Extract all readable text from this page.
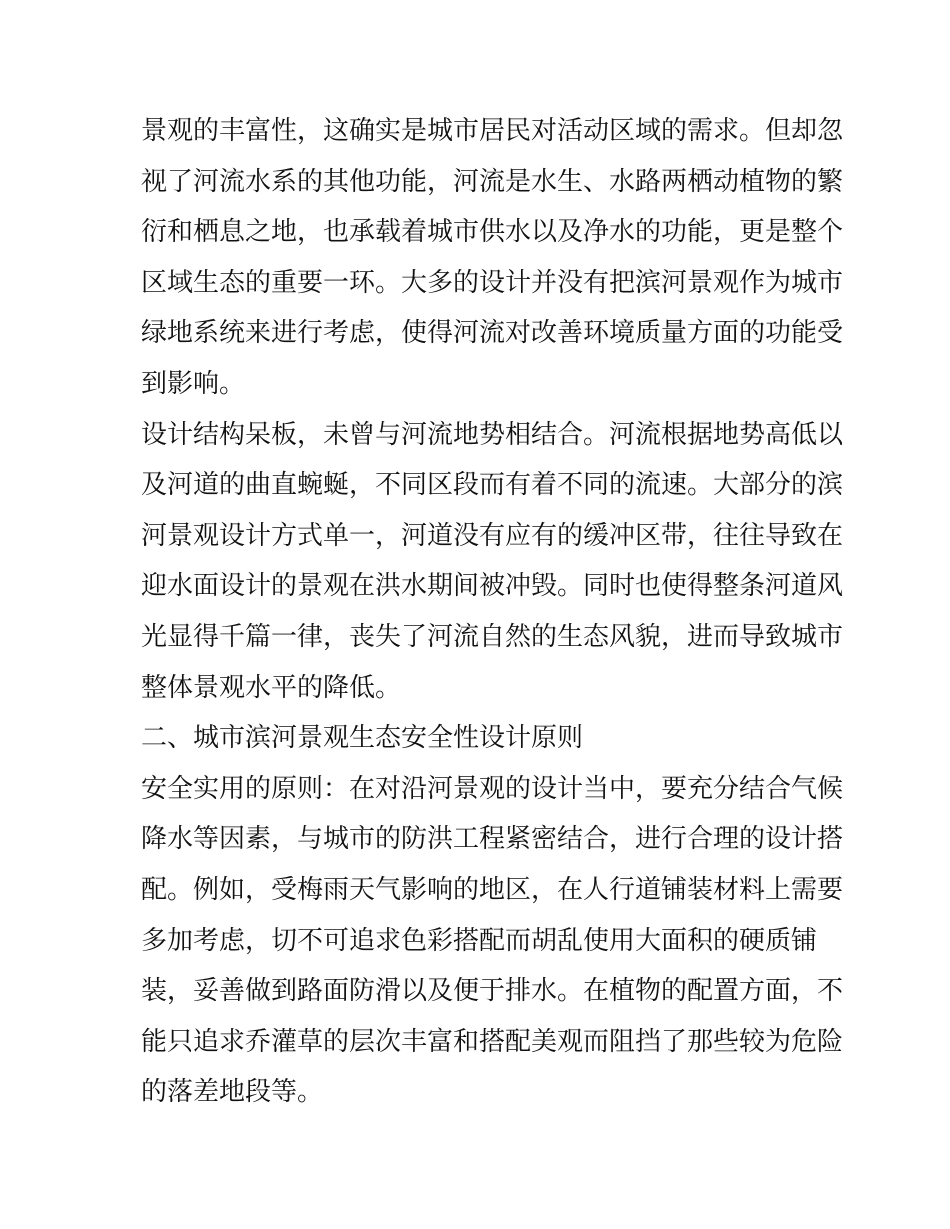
景观的丰富性，这确实是城市居民对活动区域的需求。但却忽
视了河流水系的其他功能，河流是水生、水路两栖动植物的繁
衍和栖息之地，也承载着城市供水以及净水的功能，更是整个
区域生态的重要一环。大多的设计并没有把滨河景观作为城市
绿地系统来进行考虑，使得河流对改善环境质量方面的功能受
到影响。
设计结构呆板，未曾与河流地势相结合。河流根据地势高低以
及河道的曲直蜿蜒，不同区段而有着不同的流速。大部分的滨
河景观设计方式单一，河道没有应有的缓冲区带，往往导致在
迎水面设计的景观在洪水期间被冲毁。同时也使得整条河道风
光显得千篇一律，丧失了河流自然的生态风貌，进而导致城市
整体景观水平的降低。
二、城市滨河景观生态安全性设计原则
安全实用的原则：在对沿河景观的设计当中，要充分结合气候
降水等因素，与城市的防洪工程紧密结合，进行合理的设计搭
配。例如，受梅雨天气影响的地区，在人行道铺装材料上需要
多加考虑，切不可追求色彩搭配而胡乱使用大面积的硬质铺
装，妥善做到路面防滑以及便于排水。在植物的配置方面，不
能只追求乔灌草的层次丰富和搭配美观而阻挡了那些较为危险
的落差地段等。
